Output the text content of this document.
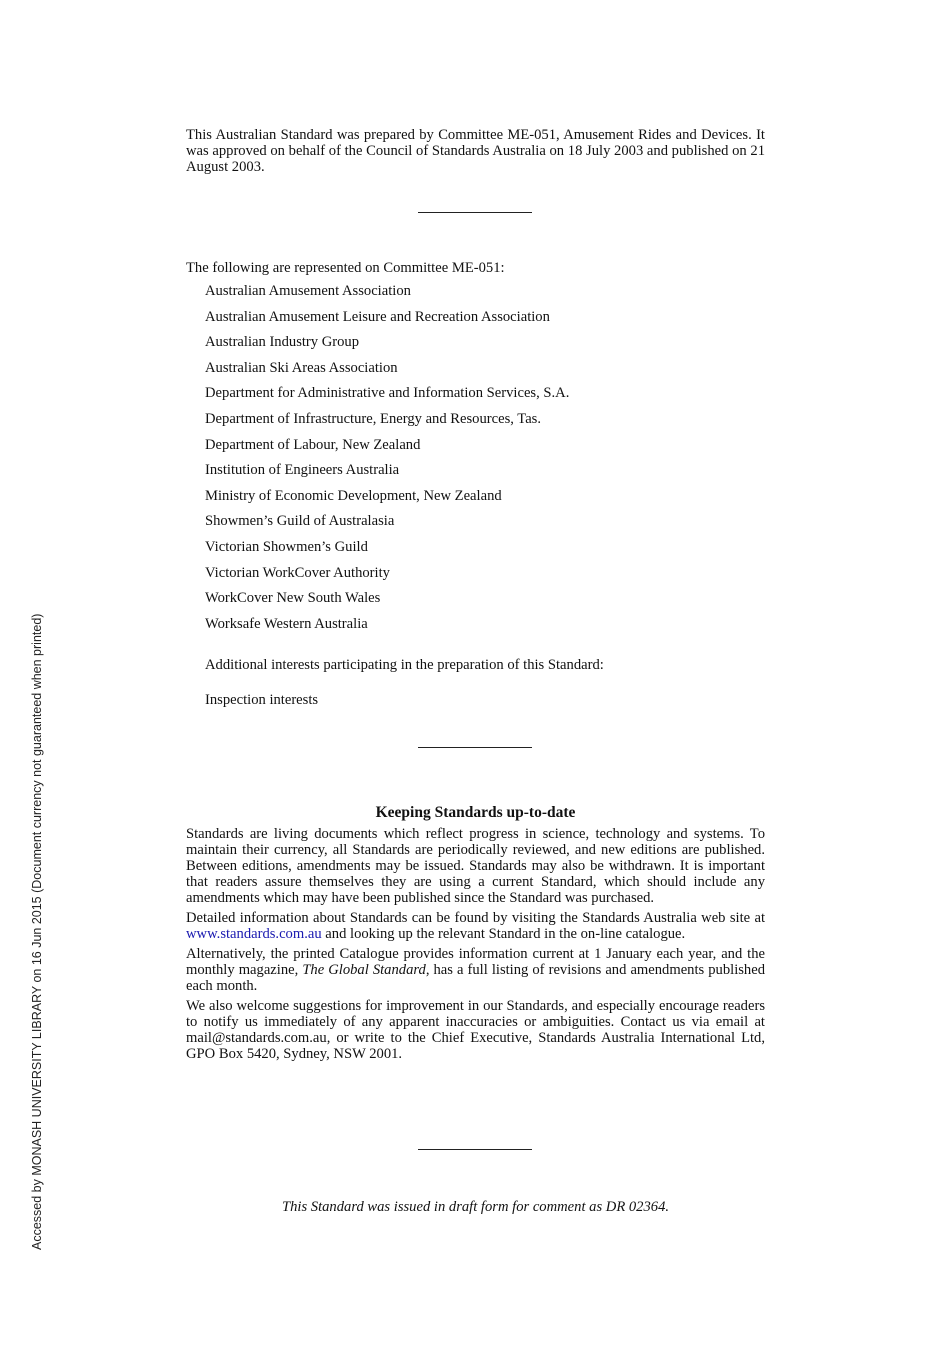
Accessed by MONASH UNIVERSITY LIBRARY on 16 Jun 2015 (Document currency not guaranteed when printed)
This Australian Standard was prepared by Committee ME-051, Amusement Rides and Devices. It was approved on behalf of the Council of Standards Australia on 18 July 2003 and published on 21 August 2003.
The following are represented on Committee ME-051:
Australian Amusement Association
Australian Amusement Leisure and Recreation Association
Australian Industry Group
Australian Ski Areas Association
Department for Administrative and Information Services, S.A.
Department of Infrastructure, Energy and Resources, Tas.
Department of Labour, New Zealand
Institution of Engineers Australia
Ministry of Economic Development, New Zealand
Showmen’s Guild of Australasia
Victorian Showmen’s Guild
Victorian WorkCover Authority
WorkCover New South Wales
Worksafe Western Australia
Additional interests participating in the preparation of this Standard:
Inspection interests
Keeping Standards up-to-date

Standards are living documents which reflect progress in science, technology and systems. To maintain their currency, all Standards are periodically reviewed, and new editions are published. Between editions, amendments may be issued. Standards may also be withdrawn. It is important that readers assure themselves they are using a current Standard, which should include any amendments which may have been published since the Standard was purchased.

Detailed information about Standards can be found by visiting the Standards Australia web site at www.standards.com.au and looking up the relevant Standard in the on-line catalogue.

Alternatively, the printed Catalogue provides information current at 1 January each year, and the monthly magazine, The Global Standard, has a full listing of revisions and amendments published each month.

We also welcome suggestions for improvement in our Standards, and especially encourage readers to notify us immediately of any apparent inaccuracies or ambiguities. Contact us via email at mail@standards.com.au, or write to the Chief Executive, Standards Australia International Ltd, GPO Box 5420, Sydney, NSW 2001.

This Standard was issued in draft form for comment as DR 02364.
